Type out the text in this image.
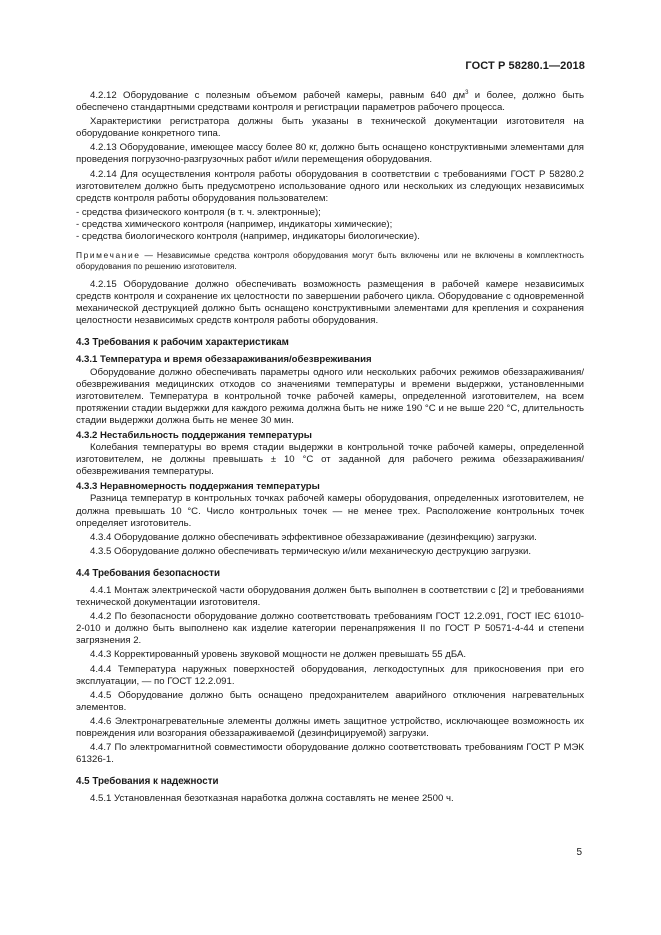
ГОСТ Р 58280.1—2018

4.2.12 Оборудование с полезным объемом рабочей камеры, равным 640 $дм^3$ и более, должно быть обеспечено стандартными средствами контроля и регистрации параметров рабочего процесса.

Характеристики регистратора должны быть указаны в технической документации изготовителя на оборудование конкретного типа.

4.2.13 Оборудование, имеющее массу более 80 кг, должно быть оснащено конструктивными элементами для проведения погрузочно-разгрузочных работ и/или перемещения оборудования.

4.2.14 Для осуществления контроля работы оборудования в соответствии с требованиями ГОСТ Р 58280.2 изготовителем должно быть предусмотрено использование одного или нескольких из следующих независимых средств контроля работы оборудования пользователем:

- средства физического контроля (в т. ч. электронные);
- средства химического контроля (например, индикаторы химические);
- средства биологического контроля (например, индикаторы биологические).

Примечание — Независимые средства контроля оборудования могут быть включены или не включены в комплектность оборудования по решению изготовителя.

4.2.15 Оборудование должно обеспечивать возможность размещения в рабочей камере независимых средств контроля и сохранение их целостности по завершении рабочего цикла. Оборудование с одновременной механической деструкцией должно быть оснащено конструктивными элементами для крепления и сохранения целостности независимых средств контроля работы оборудования.

4.3 Требования к рабочим характеристикам
4.3.1 Температура и время обеззараживания/обезвреживания

Оборудование должно обеспечивать параметры одного или нескольких рабочих режимов обеззараживания/обезвреживания медицинских отходов со значениями температуры и времени выдержки, установленными изготовителем. Температура в контрольной точке рабочей камеры, определенной изготовителем, на всем протяжении стадии выдержки для каждого режима должна быть не ниже 190 °С и не выше 220 °С, длительность стадии выдержки должна быть не менее 30 мин.

4.3.2 Нестабильность поддержания температуры

Колебания температуры во время стадии выдержки в контрольной точке рабочей камеры, определенной изготовителем, не должны превышать ± 10 °С от заданной для рабочего режима обеззараживания/обезвреживания температуры.

4.3.3 Неравномерность поддержания температуры

Разница температур в контрольных точках рабочей камеры оборудования, определенных изготовителем, не должна превышать 10 °С. Число контрольных точек — не менее трех. Расположение контрольных точек определяет изготовитель.

4.3.4 Оборудование должно обеспечивать эффективное обеззараживание (дезинфекцию) загрузки.

4.3.5 Оборудование должно обеспечивать термическую и/или механическую деструкцию загрузки.

4.4 Требования безопасности

4.4.1 Монтаж электрической части оборудования должен быть выполнен в соответствии с [2] и требованиями технической документации изготовителя.

4.4.2 По безопасности оборудование должно соответствовать требованиям ГОСТ 12.2.091, ГОСТ IEC 61010-2-010 и должно быть выполнено как изделие категории перенапряжения II по ГОСТ Р 50571-4-44 и степени загрязнения 2.

4.4.3 Корректированный уровень звуковой мощности не должен превышать 55 дБА.

4.4.4 Температура наружных поверхностей оборудования, легкодоступных для прикосновения при его эксплуатации, — по ГОСТ 12.2.091.

4.4.5 Оборудование должно быть оснащено предохранителем аварийного отключения нагревательных элементов.

4.4.6 Электронагревательные элементы должны иметь защитное устройство, исключающее возможность их повреждения или возгорания обеззараживаемой (дезинфицируемой) загрузки.

4.4.7 По электромагнитной совместимости оборудование должно соответствовать требованиям ГОСТ Р МЭК 61326-1.

4.5 Требования к надежности

4.5.1 Установленная безотказная наработка должна составлять не менее 2500 ч.

5
